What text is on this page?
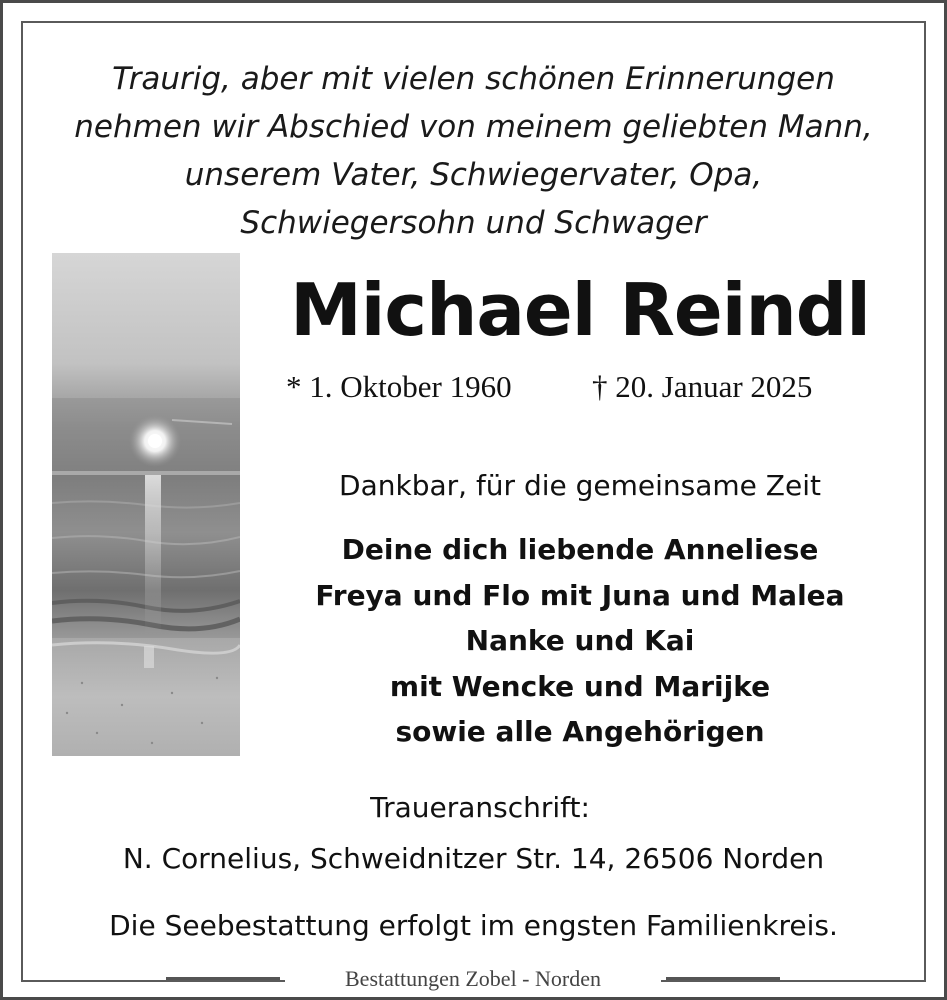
Traurig, aber mit vielen schönen Erinnerungen
nehmen wir Abschied von meinem geliebten Mann,
unserem Vater, Schwiegervater, Opa,
Schwiegersohn und Schwager
Michael Reindl
* 1. Oktober 1960	† 20. Januar 2025
Dankbar, für die gemeinsame Zeit
Deine dich liebende Anneliese
Freya und Flo mit Juna und Malea
Nanke und Kai
mit Wencke und Marijke
sowie alle Angehörigen
Traueranschrift:
N. Cornelius, Schweidnitzer Str. 14, 26506 Norden
Die Seebestattung erfolgt im engsten Familienkreis.
Bestattungen Zobel - Norden
